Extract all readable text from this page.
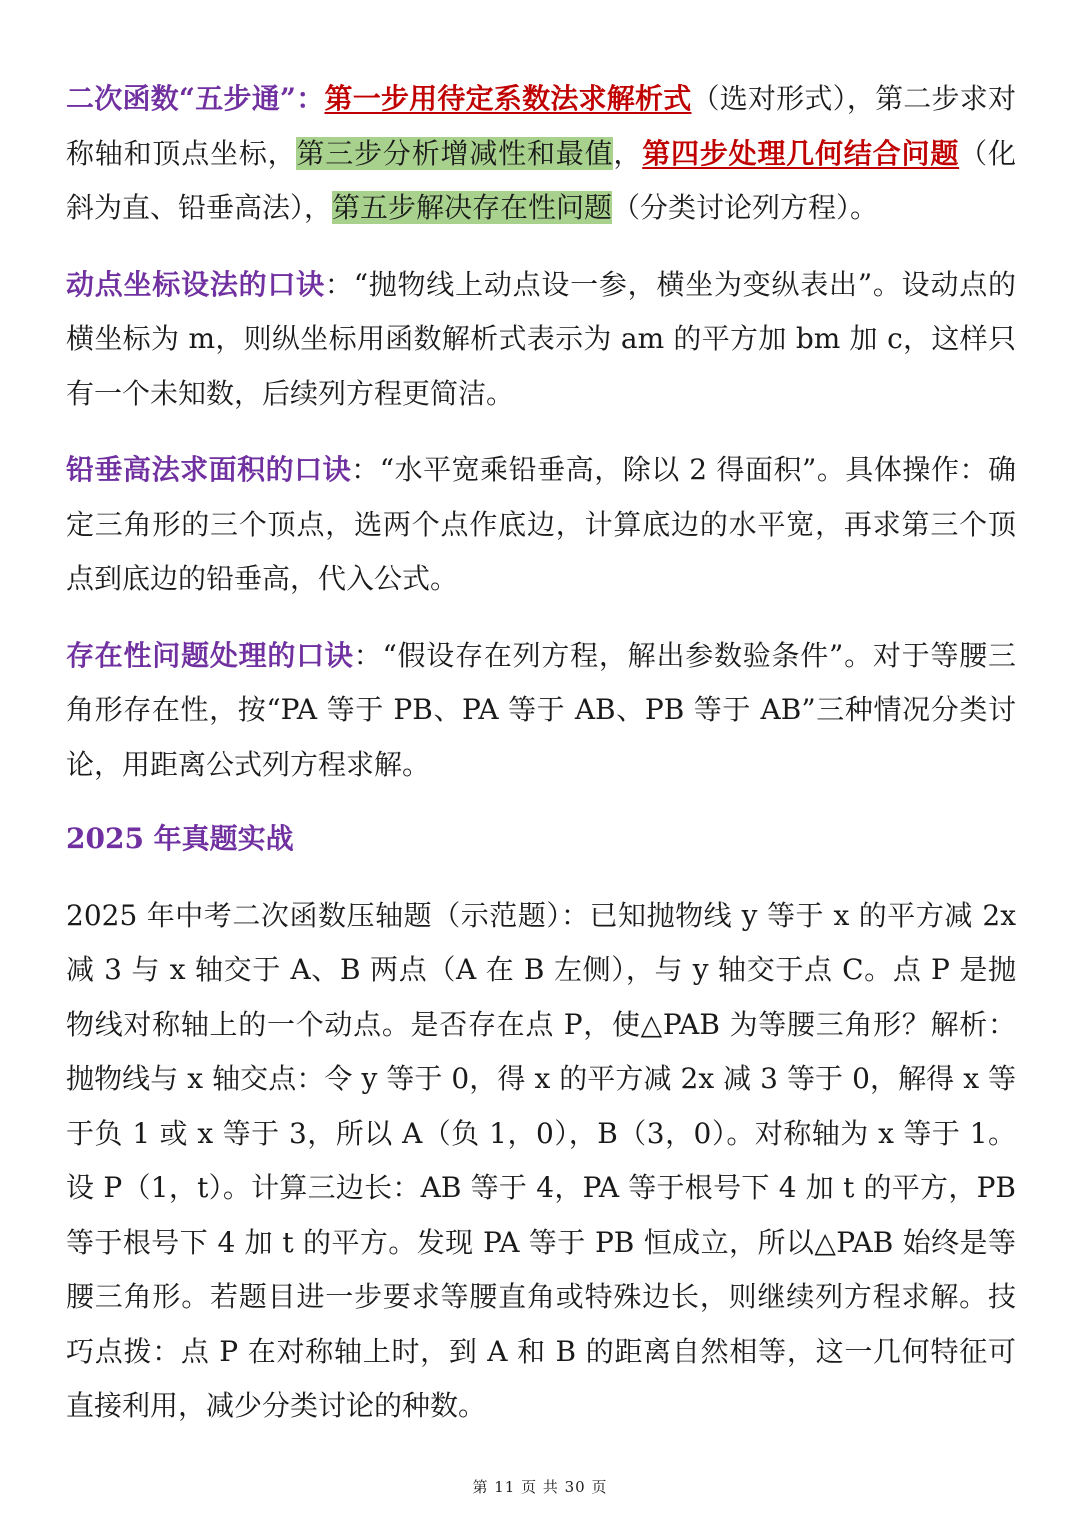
二次函数“五步通”：第一步用待定系数法求解析式（选对形式），第二步求对称轴和顶点坐标，第三步分析增减性和最值，第四步处理几何结合问题（化斜为直、铅垂高法），第五步解决存在性问题（分类讨论列方程）。

动点坐标设法的口诀：“抛物线上动点设一参，横坐为变纵表出”。设动点的横坐标为 m，则纵坐标用函数解析式表示为 am 的平方加 bm 加 c，这样只有一个未知数，后续列方程更简洁。

铅垂高法求面积的口诀：“水平宽乘铅垂高，除以 2 得面积”。具体操作：确定三角形的三个顶点，选两个点作底边，计算底边的水平宽，再求第三个顶点到底边的铅垂高，代入公式。

存在性问题处理的口诀：“假设存在列方程，解出参数验条件”。对于等腰三角形存在性，按“PA 等于 PB、PA 等于 AB、PB 等于 AB”三种情况分类讨论，用距离公式列方程求解。

2025 年真题实战

2025 年中考二次函数压轴题（示范题）：已知抛物线 y 等于 x 的平方减 2x 减 3 与 x 轴交于 A、B 两点（A 在 B 左侧），与 y 轴交于点 C。点 P 是抛物线对称轴上的一个动点。是否存在点 P，使△PAB 为等腰三角形？解析：抛物线与 x 轴交点：令 y 等于 0，得 x 的平方减 2x 减 3 等于 0，解得 x 等于负 1 或 x 等于 3，所以 A（负 1，0），B（3，0）。对称轴为 x 等于 1。设 P（1，t）。计算三边长：AB 等于 4，PA 等于根号下 4 加 t 的平方，PB 等于根号下 4 加 t 的平方。发现 PA 等于 PB 恒成立，所以△PAB 始终是等腰三角形。若题目进一步要求等腰直角或特殊边长，则继续列方程求解。技巧点拨：点 P 在对称轴上时，到 A 和 B 的距离自然相等，这一几何特征可直接利用，减少分类讨论的种数。

第 11 页 共 30 页
